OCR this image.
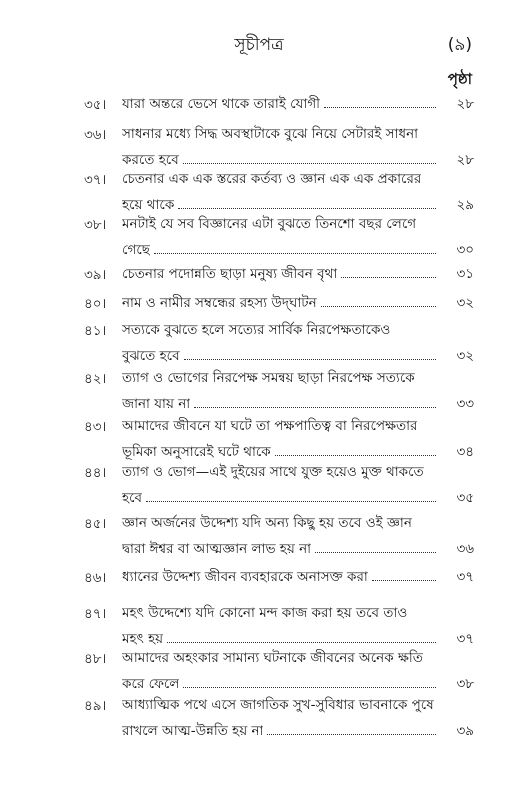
সূচীপত্র	(৯)
পৃষ্ঠা
৩৫।	যারা অন্তরে ভেসে থাকে তারাই যোগী	২৮
৩৬।	সাধনার মধ্যে সিদ্ধ অবস্থাটাকে বুঝে নিয়ে সেটারই সাধনা
করতে হবে	২৮
৩৭।	চেতনার এক এক স্তরের কর্তব্য ও জ্ঞান এক এক প্রকারের
হয়ে থাকে	২৯
৩৮।	মনটাই যে সব বিজ্ঞানের এটা বুঝতে তিনশো বছর লেগে
গেছে	৩০
৩৯।	চেতনার পদোন্নতি ছাড়া মনুষ্য জীবন বৃথা	৩১
৪০।	নাম ও নামীর সম্বন্ধের রহস্য উদ্‌ঘাটন	৩২
৪১।	সত্যকে বুঝতে হলে সত্যের সার্বিক নিরপেক্ষতাকেও
বুঝতে হবে	৩২
৪২।	ত্যাগ ও ভোগের নিরপেক্ষ সমন্বয় ছাড়া নিরপেক্ষ সত্যকে
জানা যায় না	৩৩
৪৩।	আমাদের জীবনে যা ঘটে তা পক্ষপাতিত্ব বা নিরপেক্ষতার
ভূমিকা অনুসারেই ঘটে থাকে	৩৪
৪৪।	ত্যাগ ও ভোগ—এই দুইয়ের সাথে যুক্ত হয়েও মুক্ত থাকতে
হবে	৩৫
৪৫।	জ্ঞান অর্জনের উদ্দেশ্য যদি অন্য কিছু হয় তবে ওই জ্ঞান
দ্বারা ঈশ্বর বা আত্মজ্ঞান লাভ হয় না	৩৬
৪৬।	ধ্যানের উদ্দেশ্য জীবন ব্যবহারকে অনাসক্ত করা	৩৭
৪৭।	মহৎ উদ্দেশ্যে যদি কোনো মন্দ কাজ করা হয় তবে তাও
মহৎ হয়	৩৭
৪৮।	আমাদের অহংকার সামান্য ঘটনাকে জীবনের অনেক ক্ষতি
করে ফেলে	৩৮
৪৯।	আধ্যাত্মিক পথে এসে জাগতিক সুখ-সুবিধার ভাবনাকে পুষে
রাখলে আত্ম-উন্নতি হয় না	৩৯
